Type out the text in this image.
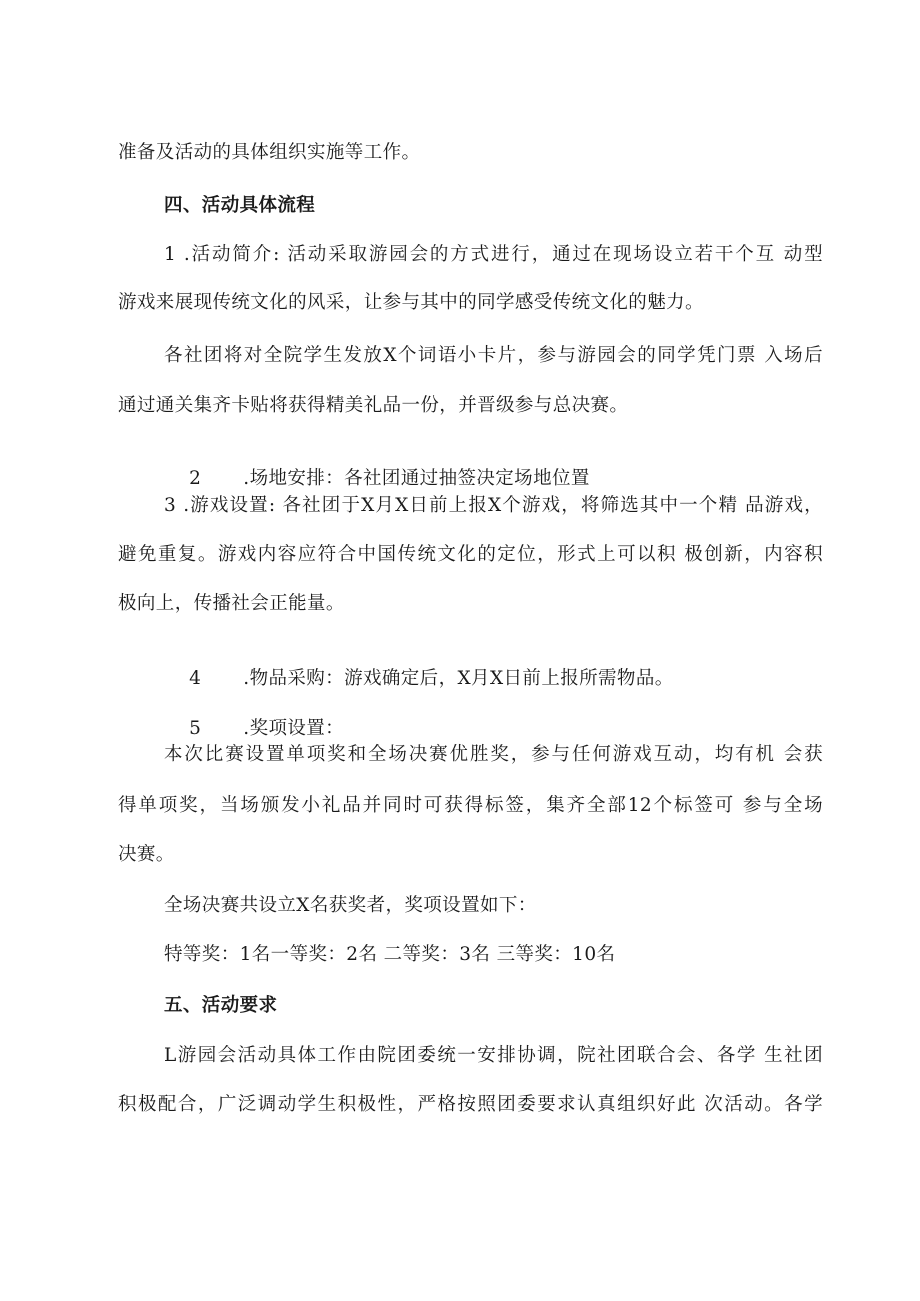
准备及活动的具体组织实施等工作。
四、活动具体流程
1 .活动简介: 活动采取游园会的方式进行，通过在现场设立若干个互 动型
游戏来展现传统文化的风采，让参与其中的同学感受传统文化的魅力。
各社团将对全院学生发放X个词语小卡片，参与游园会的同学凭门票 入场后
通过通关集齐卡贴将获得精美礼品一份，并晋级参与总决赛。

2 .场地安排：各社团通过抽签决定场地位置

3 .游戏设置: 各社团于X月X日前上报X个游戏，将筛选其中一个精 品游戏，
避免重复。游戏内容应符合中国传统文化的定位，形式上可以积 极创新，内容积
极向上，传播社会正能量。

4 .物品采购：游戏确定后，X月X日前上报所需物品。

5 .奖项设置：

本次比赛设置单项奖和全场决赛优胜奖，参与任何游戏互动，均有机 会获
得单项奖，当场颁发小礼品并同时可获得标签，集齐全部12个标签可 参与全场
决赛。
全场决赛共设立X名获奖者，奖项设置如下：
特等奖：1名一等奖：2名 二等奖：3名 三等奖：10名
五、活动要求
L游园会活动具体工作由院团委统一安排协调，院社团联合会、各学 生社团
积极配合，广泛调动学生积极性，严格按照团委要求认真组织好此 次活动。各学
